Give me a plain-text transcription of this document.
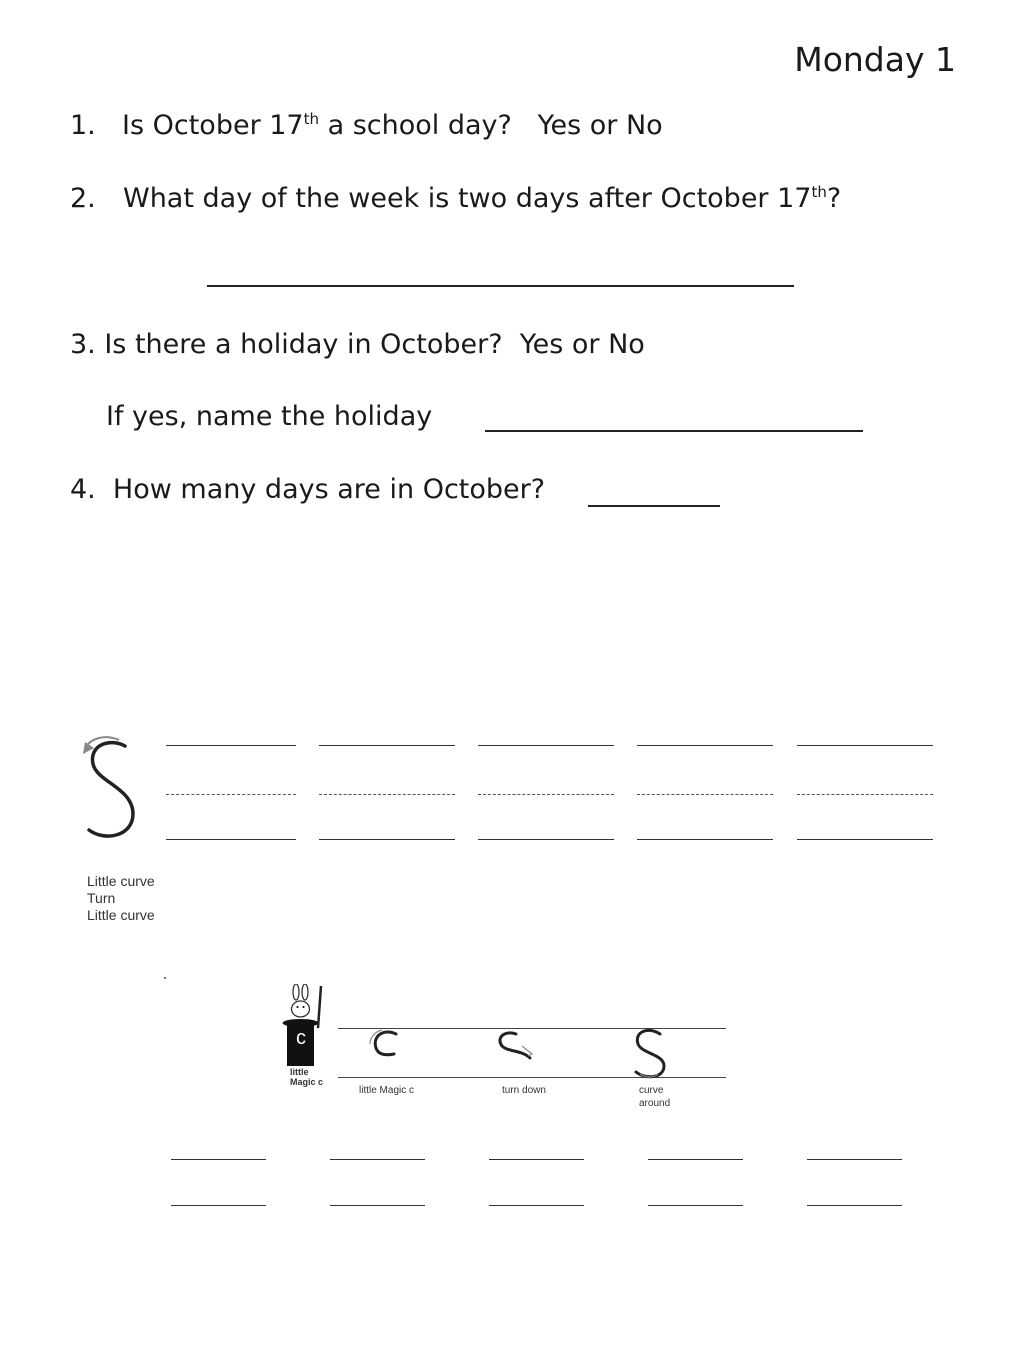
Monday 1
1. Is October 17th a school day?   Yes or No
2. What day of the week is two days after October 17th?
3. Is there a holiday in October?  Yes or No
If yes, name the holiday
4.  How many days are in October?
Little curve
Turn
Little curve
c
little
Magic c
little Magic c	turn down	curve
around
